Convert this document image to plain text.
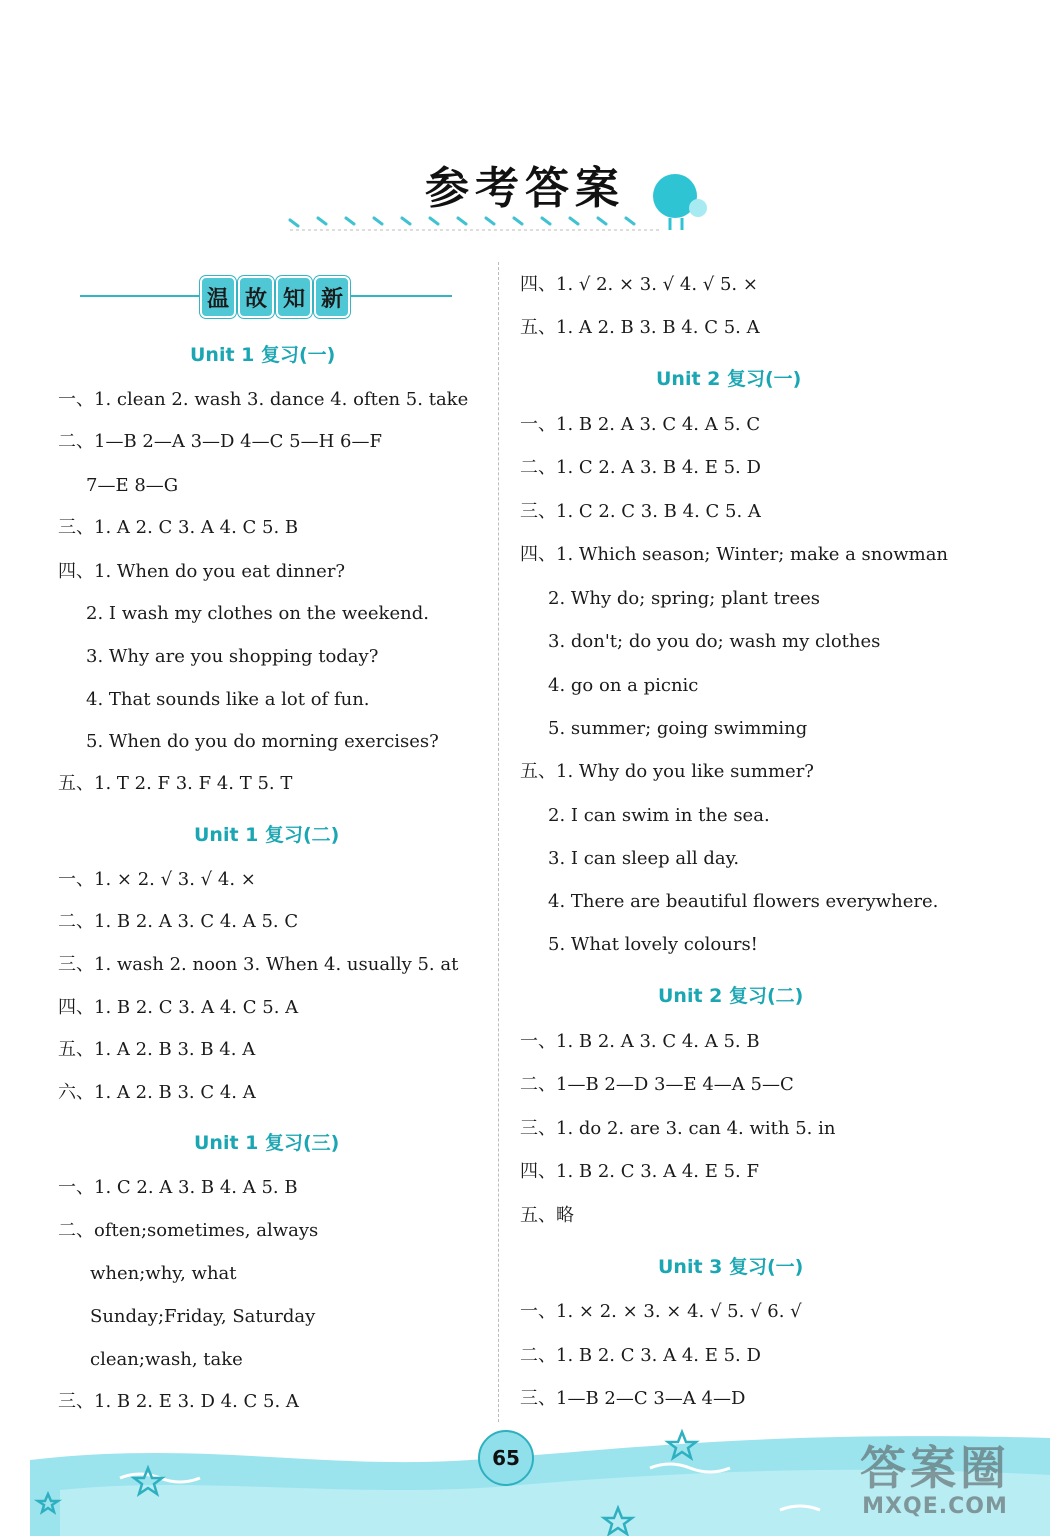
参考答案
温 故 知 新
Unit 1 复习(一)
一、1. clean 2. wash 3. dance 4. often 5. take
二、1—B 2—A 3—D 4—C 5—H 6—F
7—E 8—G
三、1. A 2. C 3. A 4. C 5. B
四、1. When do you eat dinner?
2. I wash my clothes on the weekend.
3. Why are you shopping today?
4. That sounds like a lot of fun.
5. When do you do morning exercises?
五、1. T 2. F 3. F 4. T 5. T
Unit 1 复习(二)
一、1. × 2. √ 3. √ 4. ×
二、1. B 2. A 3. C 4. A 5. C
三、1. wash 2. noon 3. When 4. usually 5. at
四、1. B 2. C 3. A 4. C 5. A
五、1. A 2. B 3. B 4. A
六、1. A 2. B 3. C 4. A
Unit 1 复习(三)
一、1. C 2. A 3. B 4. A 5. B
二、often;sometimes, always
when;why, what
Sunday;Friday, Saturday
clean;wash, take
三、1. B 2. E 3. D 4. C 5. A
四、1. √ 2. × 3. √ 4. √ 5. ×
五、1. A 2. B 3. B 4. C 5. A
Unit 2 复习(一)
一、1. B 2. A 3. C 4. A 5. C
二、1. C 2. A 3. B 4. E 5. D
三、1. C 2. C 3. B 4. C 5. A
四、1. Which season; Winter; make a snowman
2. Why do; spring; plant trees
3. don't; do you do; wash my clothes
4. go on a picnic
5. summer; going swimming
五、1. Why do you like summer?
2. I can swim in the sea.
3. I can sleep all day.
4. There are beautiful flowers everywhere.
5. What lovely colours!
Unit 2 复习(二)
一、1. B 2. A 3. C 4. A 5. B
二、1—B 2—D 3—E 4—A 5—C
三、1. do 2. are 3. can 4. with 5. in
四、1. B 2. C 3. A 4. E 5. F
五、略
Unit 3 复习(一)
一、1. × 2. × 3. × 4. √ 5. √ 6. √
二、1. B 2. C 3. A 4. E 5. D
三、1—B 2—C 3—A 4—D
65	答案圈
MXQE.COM
